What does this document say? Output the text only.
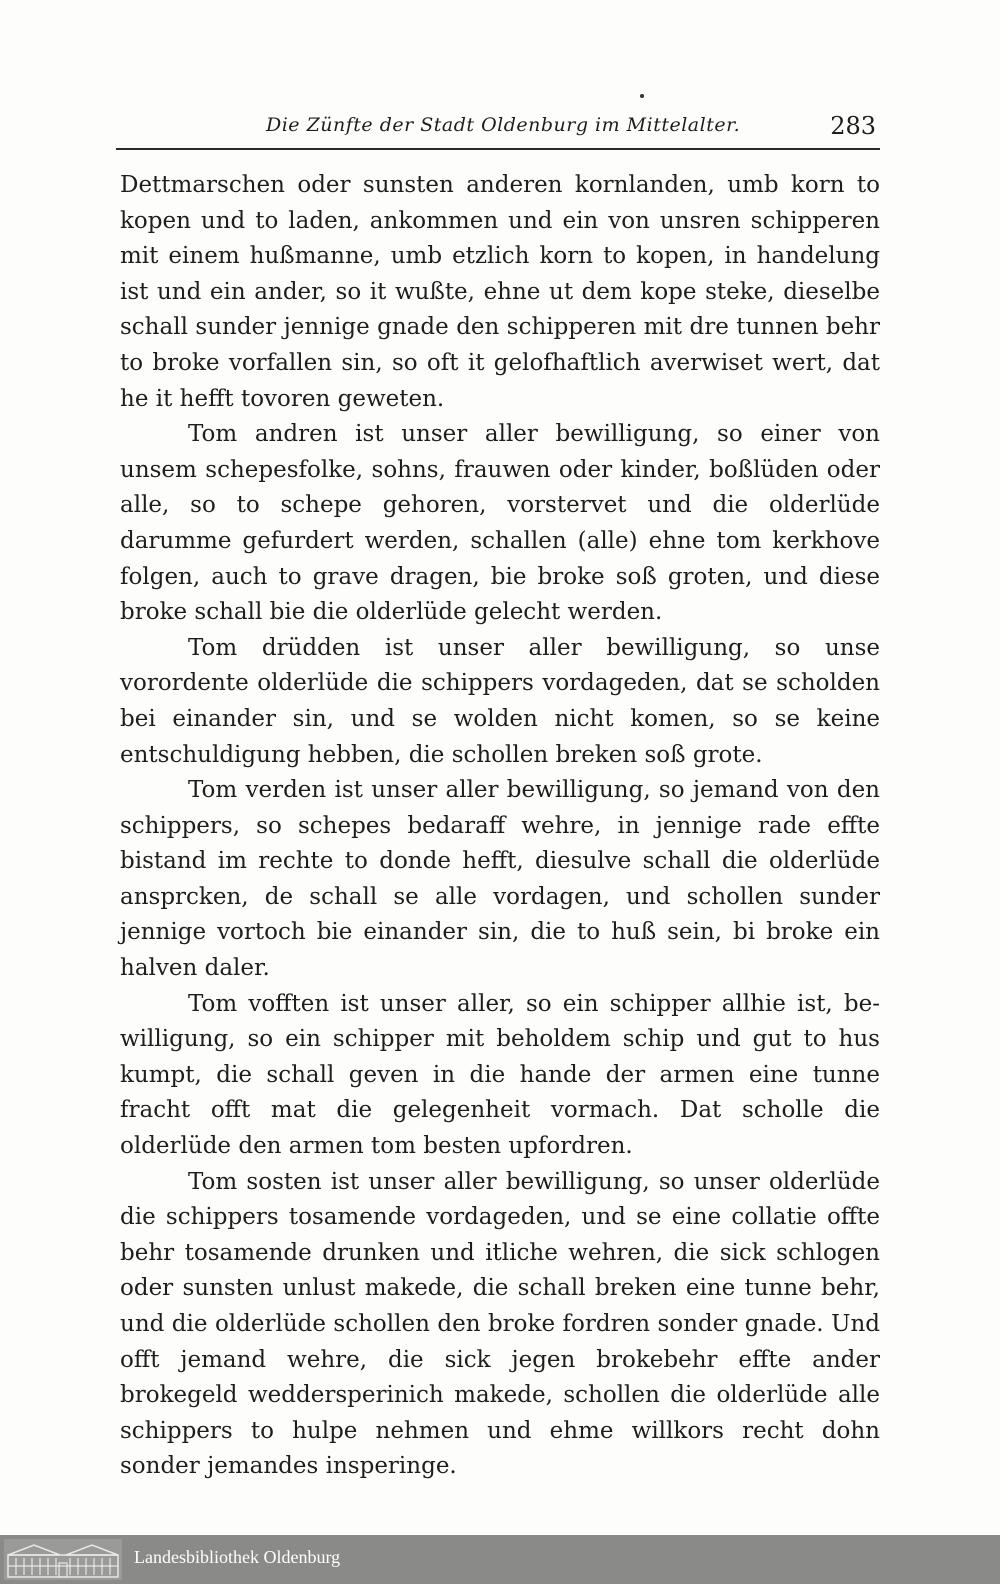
Die Zünfte der Stadt Oldenburg im Mittelalter.	283

Dettmarschen oder sunsten anderen kornlanden, umb korn to kopen und to laden, ankommen und ein von unsren schipperen mit einem hußmanne, umb etzlich korn to kopen, in handelung ist und ein ander, so it wußte, ehne ut dem kope steke, dieselbe schall sunder jennige gnade den schipperen mit dre tunnen behr to broke vorfallen sin, so oft it gelofhaftlich averwiset wert, dat he it hefft tovoren geweten.

Tom andren ist unser aller bewilligung, so einer von unsem schepesfolke, sohns, frauwen oder kinder, boßlüden oder alle, so to schepe gehoren, vorstervet und die olderlüde darumme gefurdert werden, schallen (alle) ehne tom kerkhove folgen, auch to grave dragen, bie broke soß groten, und diese broke schall bie die olderlüde gelecht werden.

Tom drüdden ist unser aller bewilligung, so unse vorordente olderlüde die schippers vordageden, dat se scholden bei einander sin, und se wolden nicht komen, so se keine entschuldigung hebben, die schollen breken soß grote.

Tom verden ist unser aller bewilligung, so jemand von den schippers, so schepes bedaraff wehre, in jennige rade effte bistand im rechte to donde hefft, diesulve schall die olderlüde ansprcken, de schall se alle vordagen, und schollen sunder jennige vortoch bie einander sin, die to huß sein, bi broke ein halven daler.

Tom vofften ist unser aller, so ein schipper allhie ist, bewilligung, so ein schipper mit beholdem schip und gut to hus kumpt, die schall geven in die hande der armen eine tunne fracht offt mat die gelegenheit vormach. Dat scholle die olderlüde den armen tom besten upfordren.

Tom sosten ist unser aller bewilligung, so unser olderlüde die schippers tosamende vordageden, und se eine collatie offte behr tosamende drunken und itliche wehren, die sick schlogen oder sunsten unlust makede, die schall breken eine tunne behr, und die olderlüde schollen den broke fordren sonder gnade. Und offt jemand wehre, die sick jegen brokebehr effte ander brokegeld weddersperinich makede, schollen die olderlüde alle schippers to hulpe nehmen und ehme willkors recht dohn sonder jemandes insperinge.

Landesbibliothek Oldenburg
